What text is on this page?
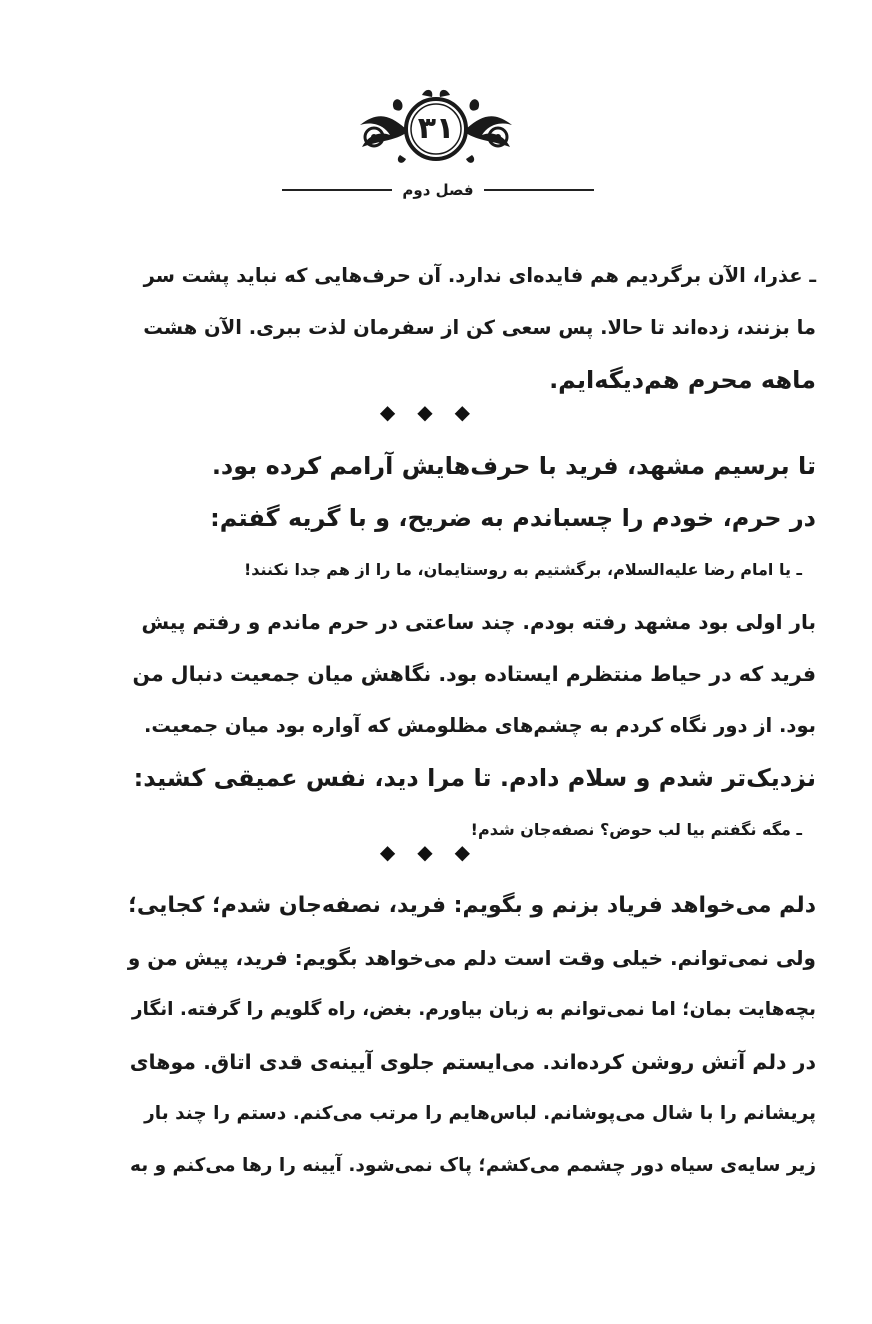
۳۱
فصل دوم

ـ عذرا، الآن برگردیم هم فایده‌ای ندارد. آن حرف‌هایی که نباید پشت سر

ما بزنند، زده‌اند تا حالا. پس سعی کن از سفرمان لذت ببری. الآن هشت

ماهه محرم هم‌دیگه‌ایم.

◆◆◆

تا برسیم مشهد، فرید با حرف‌هایش آرامم کرده بود.

در حرم، خودم را چسباندم به ضریح، و با گریه گفتم:

ـ یا امام رضا علیه‌السلام، برگشتیم به روستایمان، ما را از هم جدا نکنند!

بار اولی بود مشهد رفته بودم. چند ساعتی در حرم ماندم و رفتم پیش

فرید که در حیاط منتظرم ایستاده بود. نگاهش میان جمعیت دنبال من

بود. از دور نگاه کردم به چشم‌های مظلومش که آواره بود میان جمعیت.

نزدیک‌تر شدم و سلام دادم. تا مرا دید، نفس عمیقی کشید:

ـ مگه نگفتم بیا لب حوض؟ نصفه‌جان شدم!

◆◆◆

دلم می‌خواهد فریاد بزنم و بگویم: فرید، نصفه‌جان شدم؛ کجایی؛

ولی نمی‌توانم. خیلی وقت است دلم می‌خواهد بگویم: فرید، پیش من و

بچه‌هایت بمان؛ اما نمی‌توانم به زبان بیاورم. بغض، راه گلویم را گرفته. انگار

در دلم آتش روشن کرده‌اند. می‌ایستم جلوی آیینه‌ی قدی اتاق. موهای

پریشانم را با شال می‌پوشانم. لباس‌هایم را مرتب می‌کنم. دستم را چند بار

زیر سایه‌ی سیاه دور چشمم می‌کشم؛ پاک نمی‌شود. آیینه را رها می‌کنم و به
